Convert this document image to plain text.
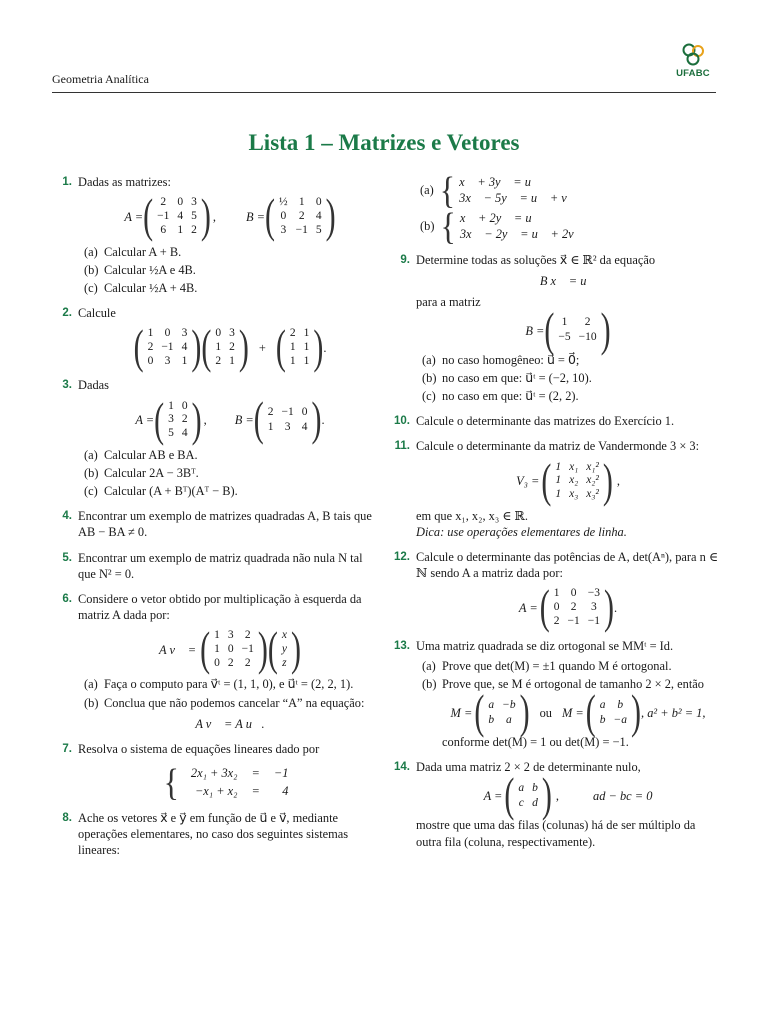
Geometria Analítica	UFABC
Lista 1 – Matrizes e Vetores
1. Dadas as matrizes:

A = ( 2	0	3
−1	4	5
6	1	2 ) , B = ( ½	1	0
0	2	4
3	−1	5 )
(a) Calcular A + B.
(b) Calcular ½A e 4B.
(c) Calcular ½A + 4B.
2. Calcule

( 1	0	3
2	−1	4
0	3	1 ) ( 0	3
1	2
2	1 ) + ( 2	1
1	1
1	1 ) .
3. Dadas

A = ( 1	0
3	2
5	4 ) , B = ( 2	−1	0
1	3	4 ) .
(a) Calcular AB e BA.
(b) Calcular 2A − 3Bᵀ.
(c) Calcular (A + Bᵀ)(Aᵀ − B).
4. Encontrar um exemplo de matrizes quadradas A, B tais que AB − BA ≠ 0.

5. Encontrar um exemplo de matriz quadrada não nula N tal que N² = 0.

6. Considere o vetor obtido por multiplicação à esquerda da matriz A dada por:

A v⃗ = ( 1	3	2
1	0	−1
0	2	2 ) ( x
y
z )
(a) Faça o computo para v⃗ᵗ = (1, 1, 0), e u⃗ᵗ = (2, 2, 1).
(b) Conclua que não podemos cancelar “A” na equação:
A v⃗ = A u⃗.
7. Resolva o sistema de equações lineares dado por

{ 2x₁ + 3x₂	=	−1
−x₁ + x₂	=	4
8. Ache os vetores x⃗ e y⃗ em função de u⃗ e v⃗, mediante operações elementares, no caso dos seguintes sistemas lineares:

(a) { x⃗ + 3y⃗ = u⃗
3x⃗ − 5y⃗ = u⃗ + v⃗
(b) { x⃗ + 2y⃗ = u⃗
3x⃗ − 2y⃗ = u⃗ + 2v⃗
9. Determine todas as soluções x⃗ ∈ ℝ² da equação

B x⃗ = u⃗

para a matriz

B = ( 1	2
−5	−10 )
(a) no caso homogêneo: u⃗ = 0⃗;
(b) no caso em que: u⃗ᵗ = (−2, 10).
(c) no caso em que: u⃗ᵗ = (2, 2).
10. Calcule o determinante das matrizes do Exercício 1.

11. Calcule o determinante da matriz de Vandermonde 3 × 3:

V₃ = ( 1	x₁	x₁²
1	x₂	x₂²
1	x₃	x₃² ) ,

em que x₁, x₂, x₃ ∈ ℝ.

Dica: use operações elementares de linha.

12. Calcule o determinante das potências de A, det(Aⁿ), para n ∈ ℕ sendo A a matriz dada por:

A = ( 1	0	−3
0	2	3
2	−1	−1 ) .
13. Uma matriz quadrada se diz ortogonal se MMᵗ = Id.

(a) Prove que det(M) = ±1 quando M é ortogonal.
(b) Prove que, se M é ortogonal de tamanho 2 × 2, então
M = ( a	−b
b	a ) ou M = ( a	b
b	−a ) , a² + b² = 1,

conforme det(M) = 1 ou det(M) = −1.

14. Dada uma matriz 2 × 2 de determinante nulo,

A = ( a	b
c	d ) ,	ad − bc = 0

mostre que uma das filas (colunas) há de ser múltiplo da outra fila (coluna, respectivamente).
